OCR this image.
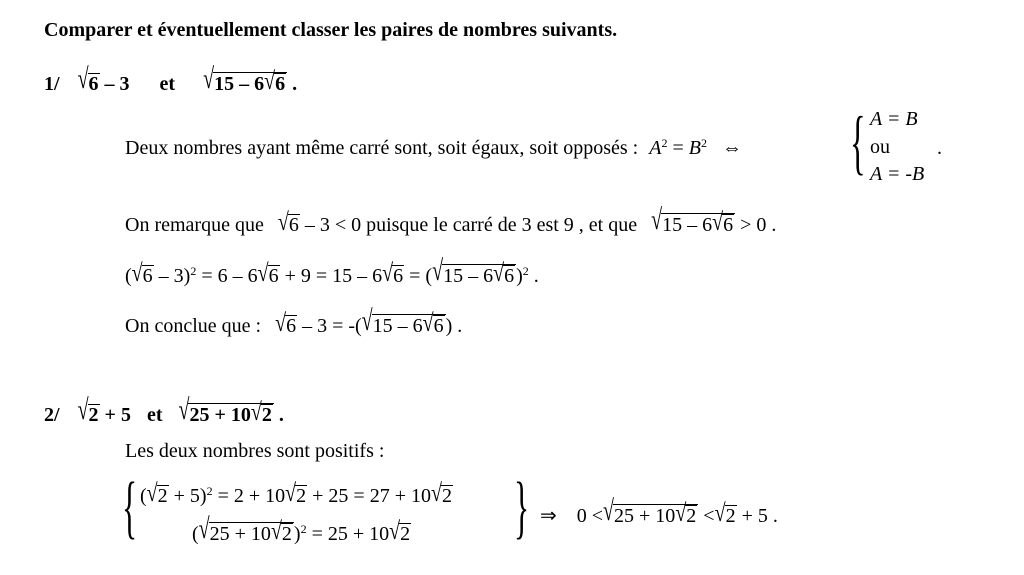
Comparer et éventuellement classer les paires de nombres suivants.
1/ √6 – 3 et √15 – 6√6 .
Deux nombres ayant même carré sont, soit égaux, soit opposés : $A^2 = B^2$ ⇔ { A = B
ou
A = -B
.
On remarque que √6 – 3 < 0 puisque le carré de 3 est 9 , et que √15 – 6√6 > 0 .
(√6 – 3)$^2$ = 6 – 6√6 + 9 = 15 – 6√6 = (√15 – 6√6 )$^2$ .
On conclue que : √6 – 3 = -(√15 – 6√6 ) .
2/ √2 + 5 et √25 + 10√2 .
Les deux nombres sont positifs :
{	}
$(√2 + 5)^2 = 2 + 10√2 + 25 = 27 + 10√2$
(√25 + 10√2 )$^2$ = 25 + 10√2
⇒ 0 <√25 + 10√2 <√2 + 5 .
